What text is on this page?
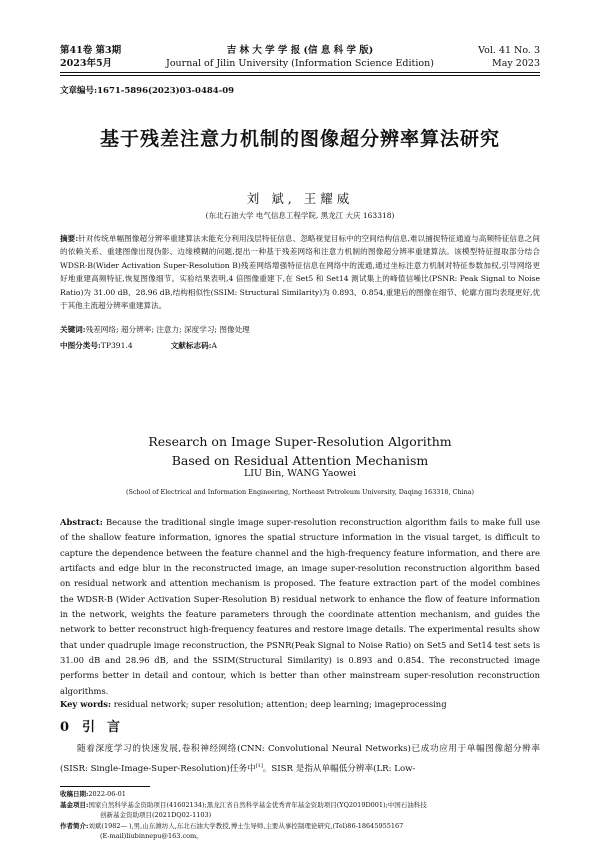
第41卷 第3期
2023年5月
吉 林 大 学 学 报 (信 息 科 学 版)
Journal of Jilin University (Information Science Edition)
Vol. 41 No. 3
May 2023
文章编号:1671-5896(2023)03-0484-09
基于残差注意力机制的图像超分辨率算法研究
刘 斌, 王耀威
(东北石油大学 电气信息工程学院, 黑龙江 大庆 163318)
摘要:针对传统单幅图像超分辨率重建算法未能充分利用浅层特征信息、忽略视觉目标中的空间结构信息,难以捕捉特征通道与高频特征信息之间的依赖关系、重建图像出现伪影、边缘模糊的问题,提出一种基于残差网络和注意力机制的图像超分辨率重建算法。该模型特征提取部分结合 WDSR-B(Wider Activation Super-Resolution B)残差网络增强特征信息在网络中的流通,通过坐标注意力机制对特征参数加权,引导网络更好地重建高频特征,恢复图像细节。实验结果表明,4 倍图像重建下,在 Set5 和 Set14 测试集上的峰值信噪比(PSNR: Peak Signal to Noise Ratio)为 31.00 dB、28.96 dB,结构相似性(SSIM: Structural Similarity)为 0.893、0.854,重建后的图像在细节、轮廓方面均表现更好,优于其他主流超分辨率重建算法。
关键词:残差网络; 超分辨率; 注意力; 深度学习; 图像处理
中图分类号:TP391.4	文献标志码:A
Research on Image Super-Resolution Algorithm
Based on Residual Attention Mechanism
LIU Bin, WANG Yaowei
(School of Electrical and Information Engineering, Northeast Petroleum University, Daqing 163318, China)
Abstract: Because the traditional single image super-resolution reconstruction algorithm fails to make full use of the shallow feature information, ignores the spatial structure information in the visual target, is difficult to capture the dependence between the feature channel and the high-frequency feature information, and there are artifacts and edge blur in the reconstructed image, an image super-resolution reconstruction algorithm based on residual network and attention mechanism is proposed. The feature extraction part of the model combines the WDSR-B (Wider Activation Super-Resolution B) residual network to enhance the flow of feature information in the network, weights the feature parameters through the coordinate attention mechanism, and guides the network to better reconstruct high-frequency features and restore image details. The experimental results show that under quadruple image reconstruction, the PSNR(Peak Signal to Noise Ratio) on Set5 and Set14 test sets is 31.00 dB and 28.96 dB, and the SSIM(Structural Similarity) is 0.893 and 0.854. The reconstructed image performs better in detail and contour, which is better than other mainstream super-resolution reconstruction algorithms.
Key words: residual network; super resolution; attention; deep learning; imageprocessing
0 引言
随着深度学习的快速发展,卷积神经网络(CNN: Convolutional Neural Networks)已成功应用于单幅图像超分辨率(SISR: Single-Image-Super-Resolution)任务中[1]。SISR 是指从单幅低分辨率(LR: Low-
收稿日期:2022-06-01
基金项目:国家自然科学基金资助项目(41602134);黑龙江省自然科学基金优秀青年基金资助项目(YQ2019D001);中国石油科技
创新基金资助项目(2021DQ02-1103)
作者简介:刘斌(1982— ),男,山东潍坊人,东北石油大学教授,博士生导师,主要从事控制理论研究,(Tel)86-18645955167
(E-mail)liubinnepu@163.com。
